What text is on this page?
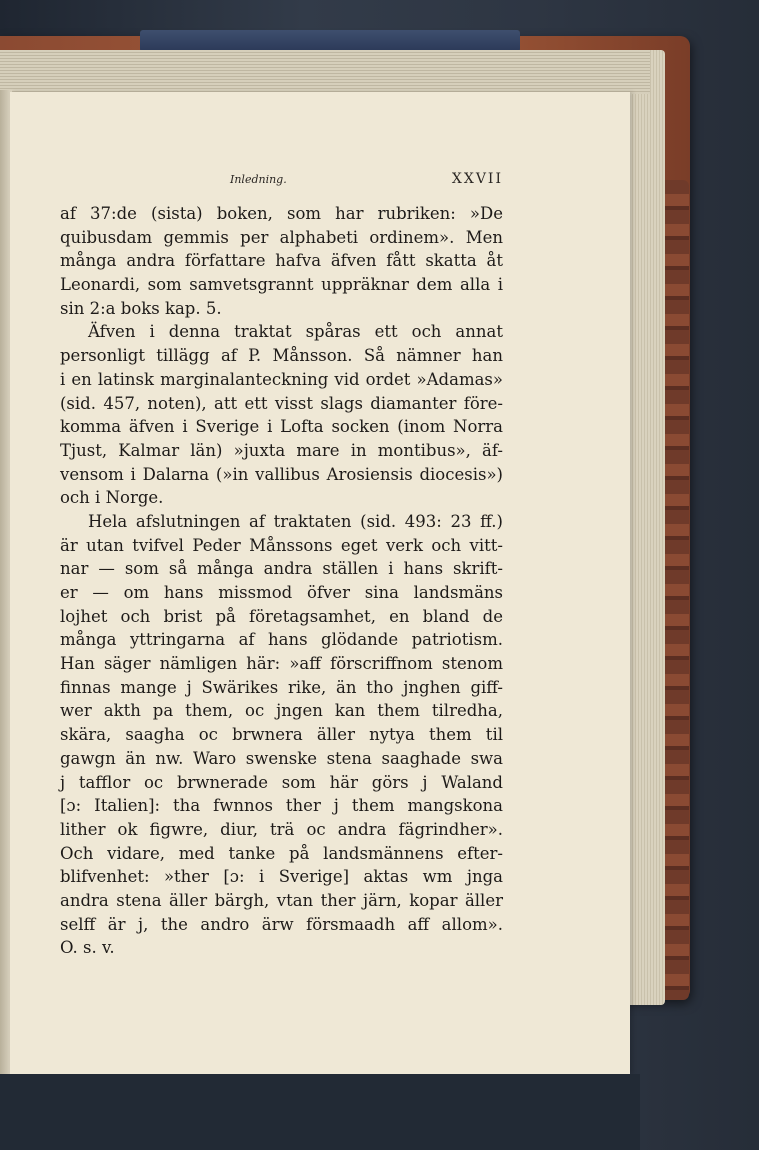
Inledning.	XXVII
af 37:de (sista) boken, som har rubriken: »De
quibusdam gemmis per alphabeti ordinem». Men
många andra författare hafva äfven fått skatta åt
Leonardi, som samvetsgrannt uppräknar dem alla i
sin 2:a boks kap. 5.
Äfven i denna traktat spåras ett och annat
personligt tillägg af P. Månsson. Så nämner han
i en latinsk marginalanteckning vid ordet »Adamas»
(sid. 457, noten), att ett visst slags diamanter före-
komma äfven i Sverige i Lofta socken (inom Norra
Tjust, Kalmar län) »juxta mare in montibus», äf-
vensom i Dalarna (»in vallibus Arosiensis diocesis»)
och i Norge.
Hela afslutningen af traktaten (sid. 493: 23 ff.)
är utan tvifvel Peder Månssons eget verk och vitt-
nar — som så många andra ställen i hans skrift-
er — om hans missmod öfver sina landsmäns
lojhet och brist på företagsamhet, en bland de
många yttringarna af hans glödande patriotism.
Han säger nämligen här: »aff förscriffnom stenom
finnas mange j Swärikes rike, än tho jnghen giff-
wer akth pa them, oc jngen kan them tilredha,
skära, saagha oc brwnera äller nytya them til
gawgn än nw. Waro swenske stena saaghade swa
j tafflor oc brwnerade som här görs j Waland
[ɔ: Italien]: tha fwnnos ther j them mangskona
lither ok figwre, diur, trä oc andra fägrindher».
Och vidare, med tanke på landsmännens efter-
blifvenhet: »ther [ɔ: i Sverige] aktas wm jnga
andra stena äller bärgh, vtan ther järn, kopar äller
selff är j, the andro ärw försmaadh aff allom».
O. s. v.
